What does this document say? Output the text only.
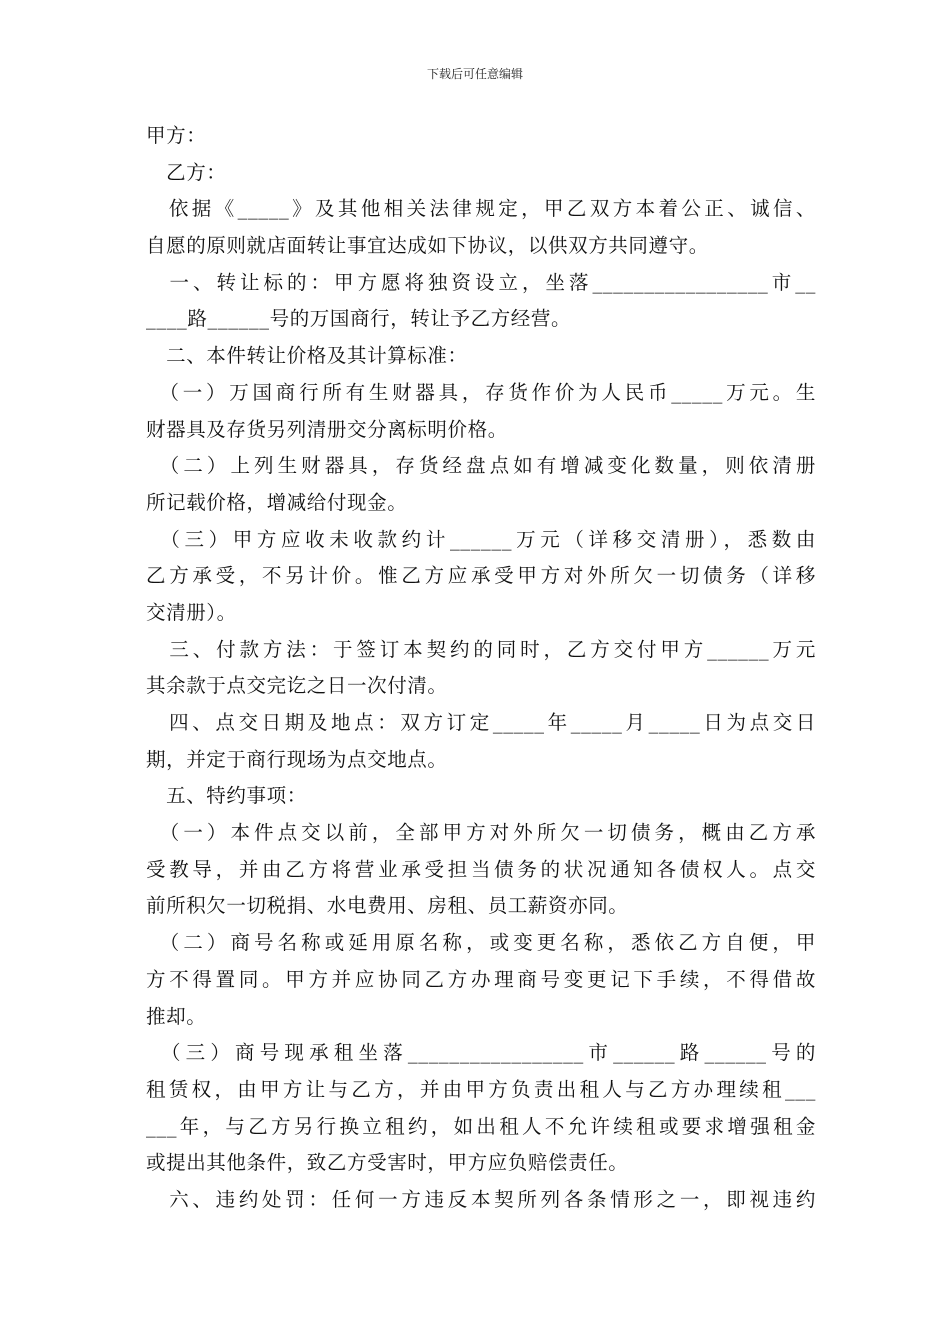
下载后可任意编辑
甲方：
　乙方：
　依据《_____》及其他相关法律规定，甲乙双方本着公正、诚信、
自愿的原则就店面转让事宜达成如下协议，以供双方共同遵守。
　一、转让标的：甲方愿将独资设立，坐落_________________市__
____路______号的万国商行，转让予乙方经营。
　二、本件转让价格及其计算标准：
　（一）万国商行所有生财器具，存货作价为人民币_____万元。生
财器具及存货另列清册交分离标明价格。
　（二）上列生财器具，存货经盘点如有增减变化数量，则依清册
所记载价格，增减给付现金。
　（三）甲方应收未收款约计______万元（详移交清册），悉数由
乙方承受，不另计价。惟乙方应承受甲方对外所欠一切债务（详移
交清册）。
　三、付款方法：于签订本契约的同时，乙方交付甲方______万元
其余款于点交完讫之日一次付清。
　四、点交日期及地点：双方订定_____年_____月_____日为点交日
期，并定于商行现场为点交地点。
　五、特约事项：
　（一）本件点交以前，全部甲方对外所欠一切债务，概由乙方承
受教导，并由乙方将营业承受担当债务的状况通知各债权人。点交
前所积欠一切税捐、水电费用、房租、员工薪资亦同。
　（二）商号名称或延用原名称，或变更名称，悉依乙方自便，甲
方不得置同。甲方并应协同乙方办理商号变更记下手续，不得借故
推却。
　（三）商号现承租坐落_________________市______路______号的
租赁权，由甲方让与乙方，并由甲方负责出租人与乙方办理续租___
___年，与乙方另行换立租约，如出租人不允许续租或要求增强租金
或提出其他条件，致乙方受害时，甲方应负赔偿责任。
　六、违约处罚：任何一方违反本契所列各条情形之一，即视违约
